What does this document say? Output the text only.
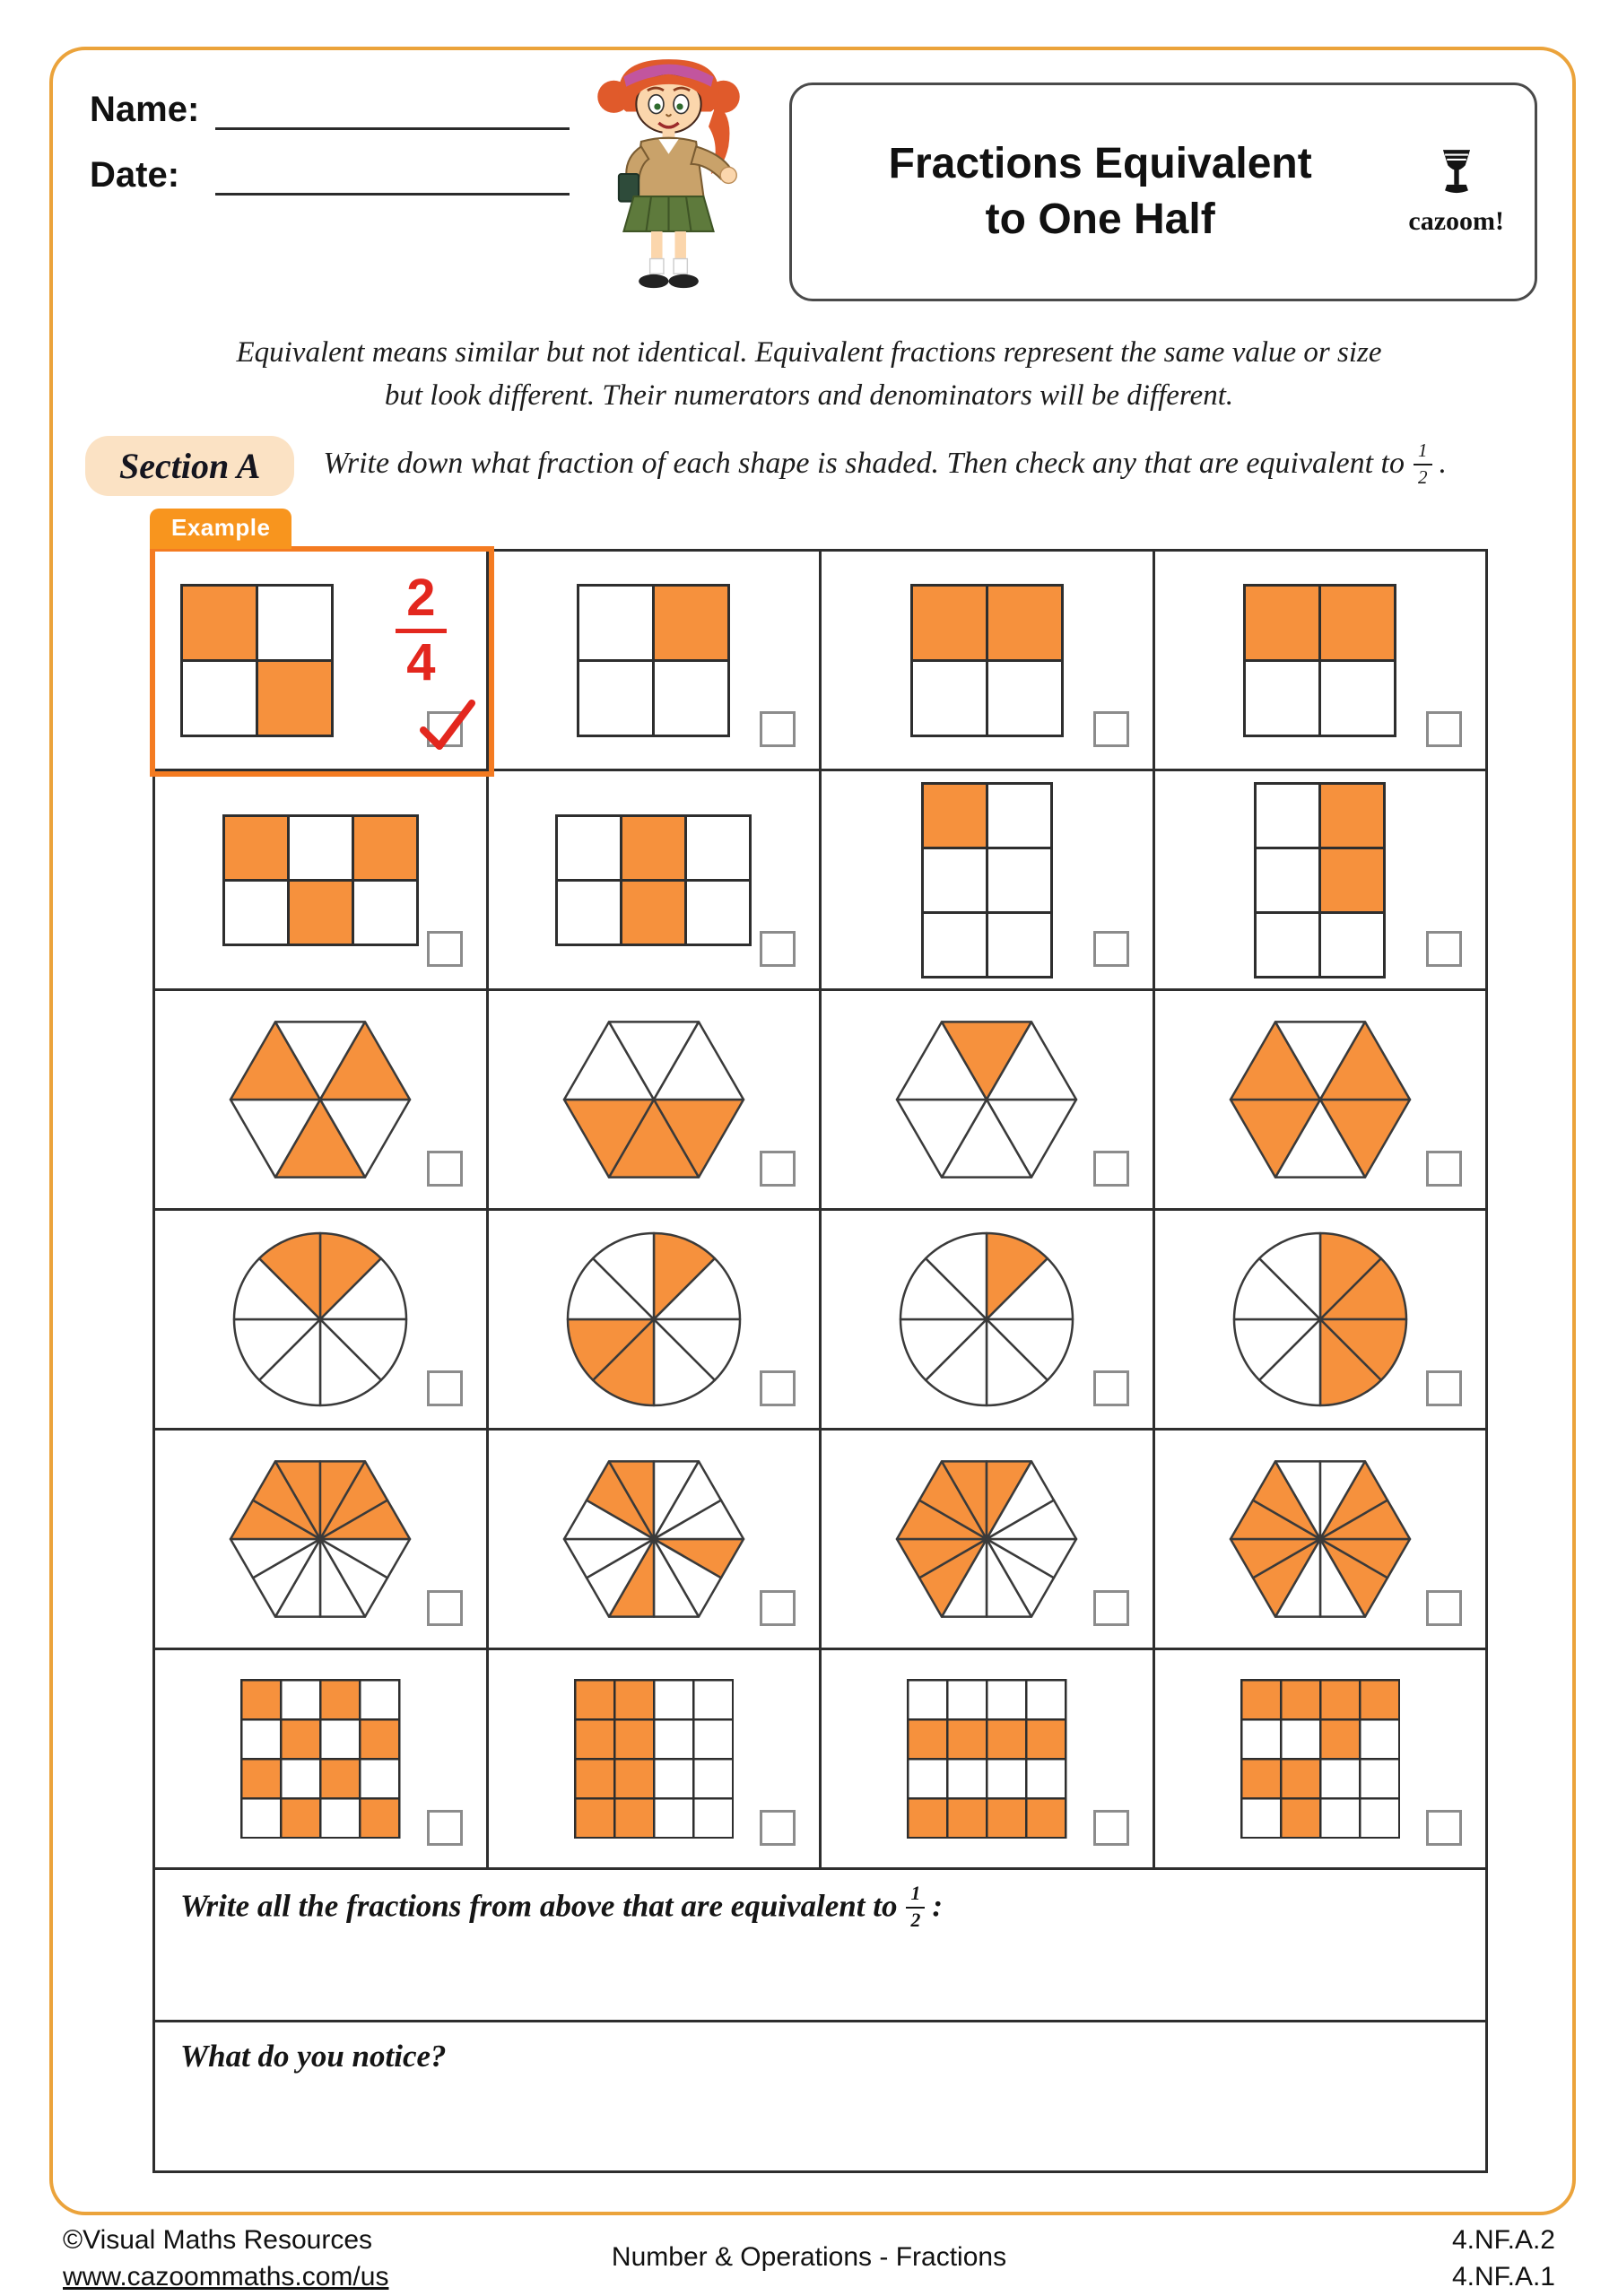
Name:
Date:	Fractions Equivalent
to One Half	cazoom!
Equivalent means similar but not identical. Equivalent fractions represent the same value or size
but look different. Their numerators and denominators will be different.
Section A	Write down what fraction of each shape is shaded. Then check any that are equivalent to $\frac{1}{2}$ .
Example
2
4
Write all the fractions from above that are equivalent to $\frac{1}{2}$ :
What do you notice?
©Visual Maths Resources
www.cazoommaths.com/us
Number & Operations - Fractions
4.NF.A.2
4.NF.A.1
